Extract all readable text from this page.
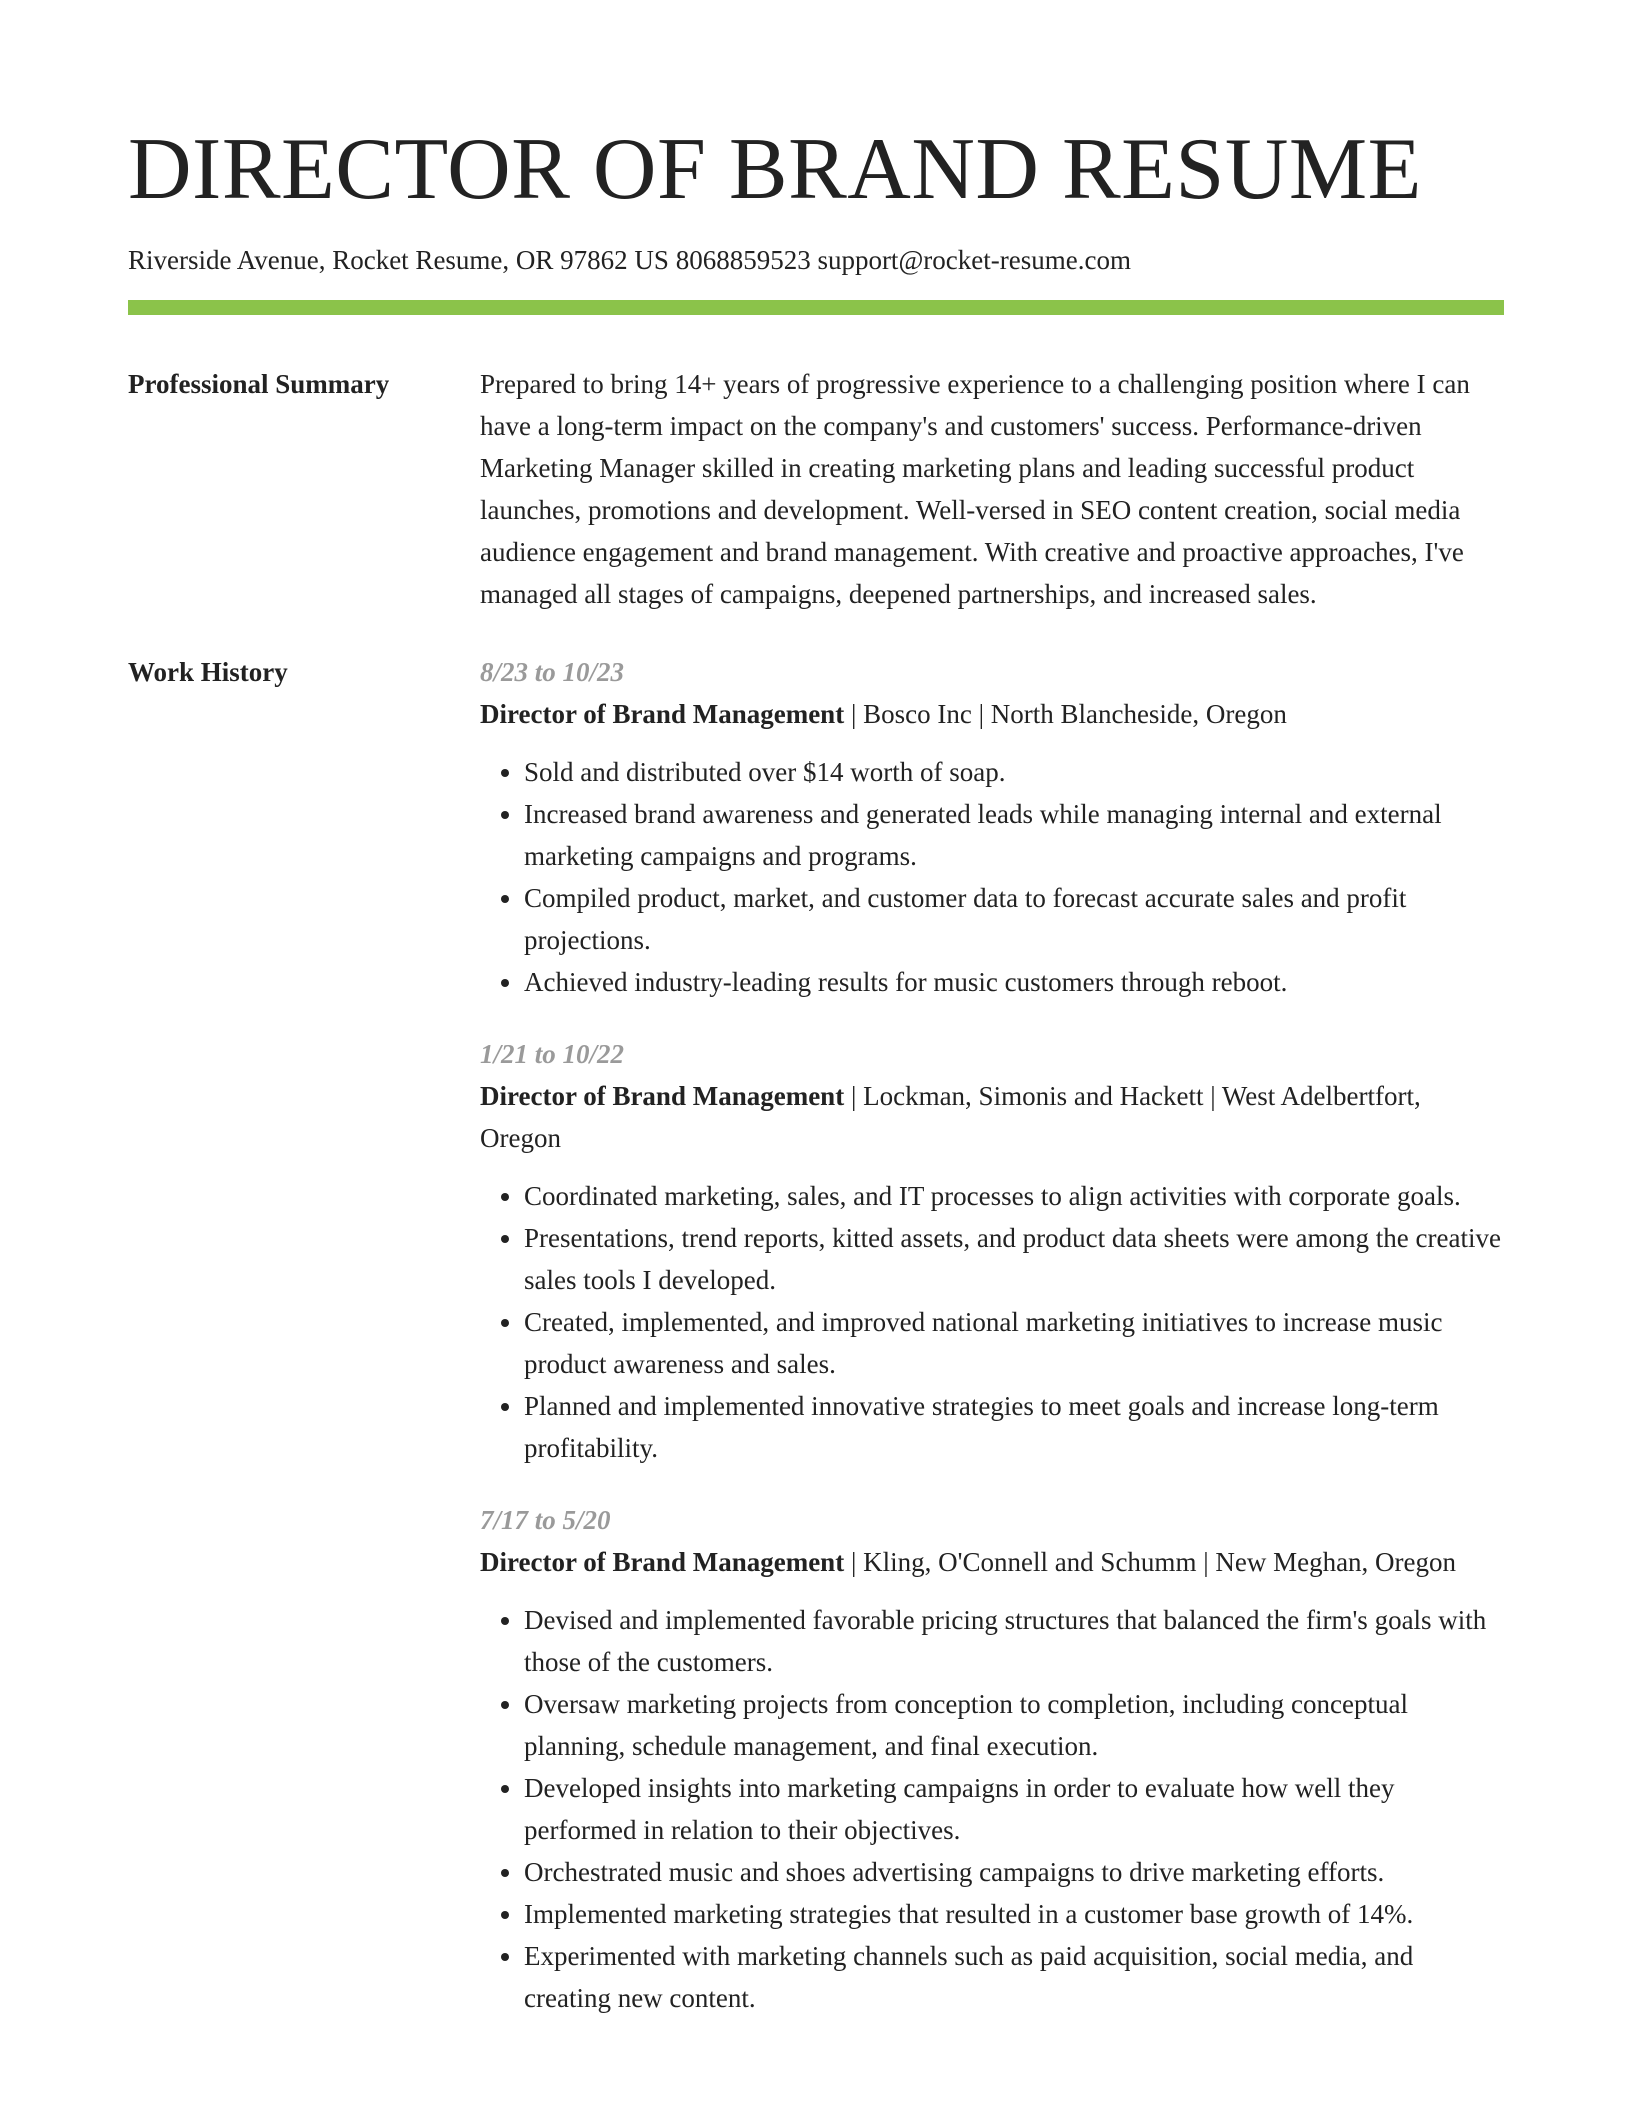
DIRECTOR OF BRAND RESUME
Riverside Avenue, Rocket Resume, OR 97862 US 8068859523 support@rocket-resume.com
Professional Summary	Prepared to bring 14+ years of progressive experience to a challenging position where I can have a long-term impact on the company's and customers' success. Performance-driven Marketing Manager skilled in creating marketing plans and leading successful product launches, promotions and development. Well-versed in SEO content creation, social media audience engagement and brand management. With creative and proactive approaches, I've managed all stages of campaigns, deepened partnerships, and increased sales.

Work History	8/23 to 10/23
Director of Brand Management | Bosco Inc | North Blancheside, Oregon
• Sold and distributed over $14 worth of soap.
• Increased brand awareness and generated leads while managing internal and external marketing campaigns and programs.
• Compiled product, market, and customer data to forecast accurate sales and profit projections.
• Achieved industry-leading results for music customers through reboot.
1/21 to 10/22
Director of Brand Management | Lockman, Simonis and Hackett | West Adelbertfort, Oregon
• Coordinated marketing, sales, and IT processes to align activities with corporate goals.
• Presentations, trend reports, kitted assets, and product data sheets were among the creative sales tools I developed.
• Created, implemented, and improved national marketing initiatives to increase music product awareness and sales.
• Planned and implemented innovative strategies to meet goals and increase long-term profitability.
7/17 to 5/20
Director of Brand Management | Kling, O'Connell and Schumm | New Meghan, Oregon
• Devised and implemented favorable pricing structures that balanced the firm's goals with those of the customers.
• Oversaw marketing projects from conception to completion, including conceptual planning, schedule management, and final execution.
• Developed insights into marketing campaigns in order to evaluate how well they performed in relation to their objectives.
• Orchestrated music and shoes advertising campaigns to drive marketing efforts.
• Implemented marketing strategies that resulted in a customer base growth of 14%.
• Experimented with marketing channels such as paid acquisition, social media, and creating new content.
